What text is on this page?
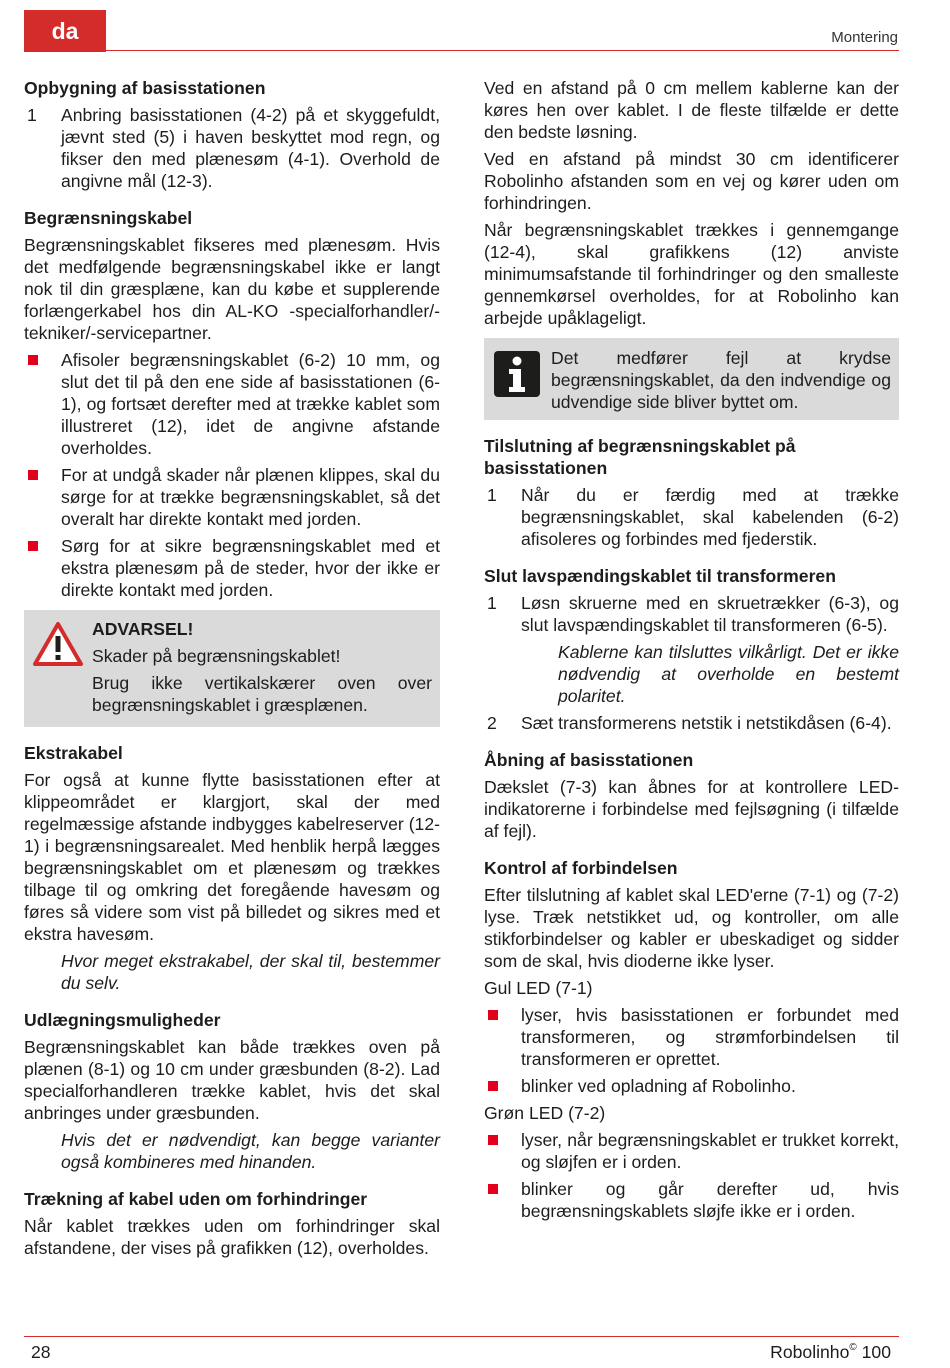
da	Montering
Opbygning af basisstationen
1	Anbring basisstationen (4-2) på et skyggefuldt, jævnt sted (5) i haven beskyttet mod regn, og fikser den med plænesøm (4-1). Overhold de angivne mål (12-3).
Begrænsningskabel

Begrænsningskablet fikseres med plænesøm. Hvis det medfølgende begrænsningskabel ikke er langt nok til din græsplæne, kan du købe et supplerende forlængerkabel hos din AL-KO -specialforhandler/-tekniker/-servicepartner.

Afisoler begrænsningskablet (6-2) 10 mm, og slut det til på den ene side af basisstationen (6-1), og fortsæt derefter med at trække kablet som illustreret (12), idet de angivne afstande overholdes.
For at undgå skader når plænen klippes, skal du sørge for at trække begrænsningskablet, så det overalt har direkte kontakt med jorden.
Sørg for at sikre begrænsningskablet med et ekstra plænesøm på de steder, hvor der ikke er direkte kontakt med jorden.

ADVARSEL!

Skader på begrænsningskablet!

Brug ikke vertikalskærer oven over begrænsningskablet i græsplænen.

Ekstrakabel

For også at kunne flytte basisstationen efter at klippeområdet er klargjort, skal der med regelmæssige afstande indbygges kabelreserver (12-1) i begrænsningsarealet. Med henblik herpå lægges begrænsningskablet om et plænesøm og trækkes tilbage til og omkring det foregående havesøm og føres så videre som vist på billedet og sikres med et ekstra havesøm.

Hvor meget ekstrakabel, der skal til, bestemmer du selv.

Udlægningsmuligheder

Begrænsningskablet kan både trækkes oven på plænen (8-1) og 10 cm under græsbunden (8-2). Lad specialforhandleren trække kablet, hvis det skal anbringes under græsbunden.

Hvis det er nødvendigt, kan begge varianter også kombineres med hinanden.

Trækning af kabel uden om forhindringer

Når kablet trækkes uden om forhindringer skal afstandene, der vises på grafikken (12), overholdes.

Ved en afstand på 0 cm mellem kablerne kan der køres hen over kablet. I de fleste tilfælde er dette den bedste løsning.

Ved en afstand på mindst 30 cm identificerer Robolinho afstanden som en vej og kører uden om forhindringen.

Når begrænsningskablet trækkes i gennemgange (12-4), skal grafikkens (12) anviste minimumsafstande til forhindringer og den smalleste gennemkørsel overholdes, for at Robolinho kan arbejde upåklageligt.

Det medfører fejl at krydse begrænsningskablet, da den indvendige og udvendige side bliver byttet om.
Tilslutning af begrænsningskablet på basisstationen
1	Når du er færdig med at trække begrænsningskablet, skal kabelenden (6-2) afisoleres og forbindes med fjederstik.
Slut lavspændingskablet til transformeren
1	Løsn skruerne med en skruetrækker (6-3), og slut lavspændingskablet til transformeren (6-5).

Kablerne kan tilsluttes vilkårligt. Det er ikke nødvendig at overholde en bestemt polaritet.

2	Sæt transformerens netstik i netstikdåsen (6-4).
Åbning af basisstationen

Dækslet (7-3) kan åbnes for at kontrollere LED-indikatorerne i forbindelse med fejlsøgning (i tilfælde af fejl).

Kontrol af forbindelsen

Efter tilslutning af kablet skal LED'erne (7-1) og (7-2) lyse. Træk netstikket ud, og kontroller, om alle stikforbindelser og kabler er ubeskadiget og sidder som de skal, hvis dioderne ikke lyser.

Gul LED (7-1)

lyser, hvis basisstationen er forbundet med transformeren, og strømforbindelsen til transformeren er oprettet.
blinker ved opladning af Robolinho.

Grøn LED (7-2)

lyser, når begrænsningskablet er trukket korrekt, og sløjfen er i orden.
blinker og går derefter ud, hvis begrænsningskablets sløjfe ikke er i orden.
28	Robolinho© 100
